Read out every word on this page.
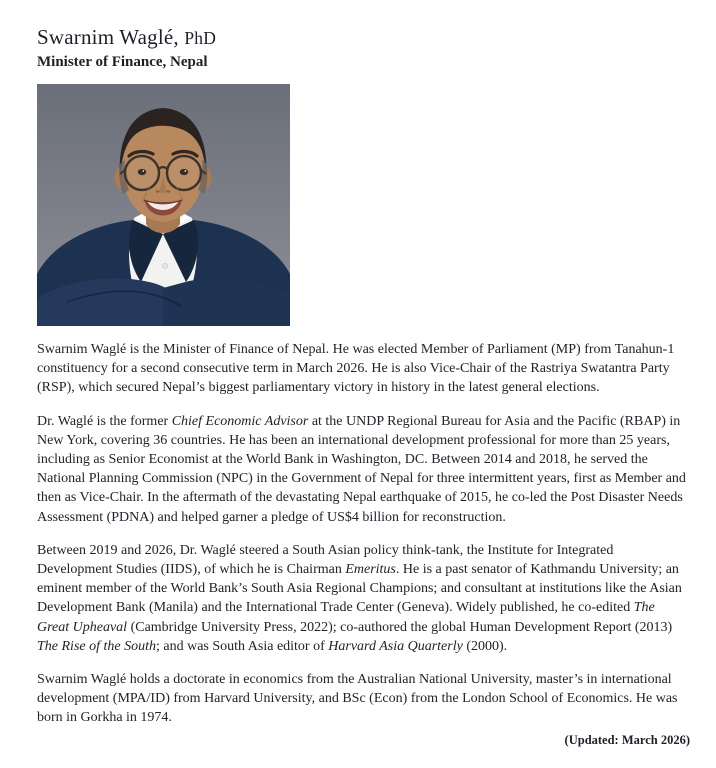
Swarnim Waglé, PhD

Minister of Finance, Nepal

Swarnim Waglé is the Minister of Finance of Nepal. He was elected Member of Parliament (MP) from Tanahun-1 constituency for a second consecutive term in March 2026. He is also Vice-Chair of the Rastriya Swatantra Party (RSP), which secured Nepal’s biggest parliamentary victory in history in the latest general elections.

Dr. Waglé is the former Chief Economic Advisor at the UNDP Regional Bureau for Asia and the Pacific (RBAP) in New York, covering 36 countries. He has been an international development professional for more than 25 years, including as Senior Economist at the World Bank in Washington, DC. Between 2014 and 2018, he served the National Planning Commission (NPC) in the Government of Nepal for three intermittent years, first as Member and then as Vice-Chair. In the aftermath of the devastating Nepal earthquake of 2015, he co-led the Post Disaster Needs Assessment (PDNA) and helped garner a pledge of US$4 billion for reconstruction.

Between 2019 and 2026, Dr. Waglé steered a South Asian policy think-tank, the Institute for Integrated Development Studies (IIDS), of which he is Chairman Emeritus. He is a past senator of Kathmandu University; an eminent member of the World Bank’s South Asia Regional Champions; and consultant at institutions like the Asian Development Bank (Manila) and the International Trade Center (Geneva). Widely published, he co-edited The Great Upheaval (Cambridge University Press, 2022); co-authored the global Human Development Report (2013) The Rise of the South; and was South Asia editor of Harvard Asia Quarterly (2000).

Swarnim Waglé holds a doctorate in economics from the Australian National University, master’s in international development (MPA/ID) from Harvard University, and BSc (Econ) from the London School of Economics. He was born in Gorkha in 1974.

(Updated: March 2026)
